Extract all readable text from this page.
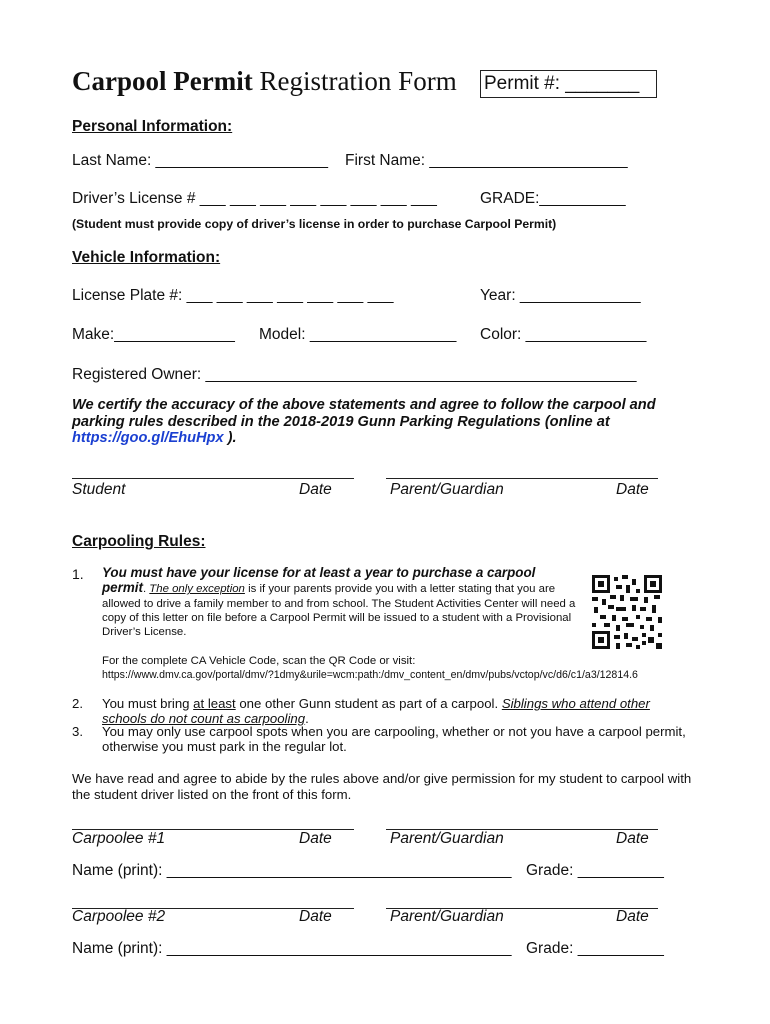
Carpool Permit Registration Form Permit #: _______
Personal Information:
Last Name: ____________________ First Name: _______________________
Driver’s License # ___ ___ ___ ___ ___ ___ ___ ___	GRADE:__________
(Student must provide copy of driver’s license in order to purchase Carpool Permit)
Vehicle Information:
License Plate #: ___ ___ ___ ___ ___ ___ ___	Year: ______________
Make:______________ Model: _________________ Color: ______________
Registered Owner: __________________________________________________
We certify the accuracy of the above statements and agree to follow the carpool and parking rules described in the 2018-2019 Gunn Parking Regulations (online at https://goo.gl/EhuHpx ).
Student	Date	Parent/Guardian	Date
Carpooling Rules:
1. You must have your license for at least a year to purchase a carpool permit. The only exception is if your parents provide you with a letter stating that you are allowed to drive a family member to and from school. The Student Activities Center will need a copy of this letter on file before a Carpool Permit will be issued to a student with a Provisional Driver’s License.
For the complete CA Vehicle Code, scan the QR Code or visit:
https://www.dmv.ca.gov/portal/dmv/?1dmy&urile=wcm:path:/dmv_content_en/dmv/pubs/vctop/vc/d6/c1/a3/12814.6
2. You must bring at least one other Gunn student as part of a carpool. Siblings who attend other schools do not count as carpooling.
3. You may only use carpool spots when you are carpooling, whether or not you have a carpool permit, otherwise you must park in the regular lot.
We have read and agree to abide by the rules above and/or give permission for my student to carpool with the student driver listed on the front of this form.
Carpoolee #1	Date	Parent/Guardian	Date
Name (print): ________________________________________ Grade: __________
Carpoolee #2	Date	Parent/Guardian	Date
Name (print): ________________________________________ Grade: __________
